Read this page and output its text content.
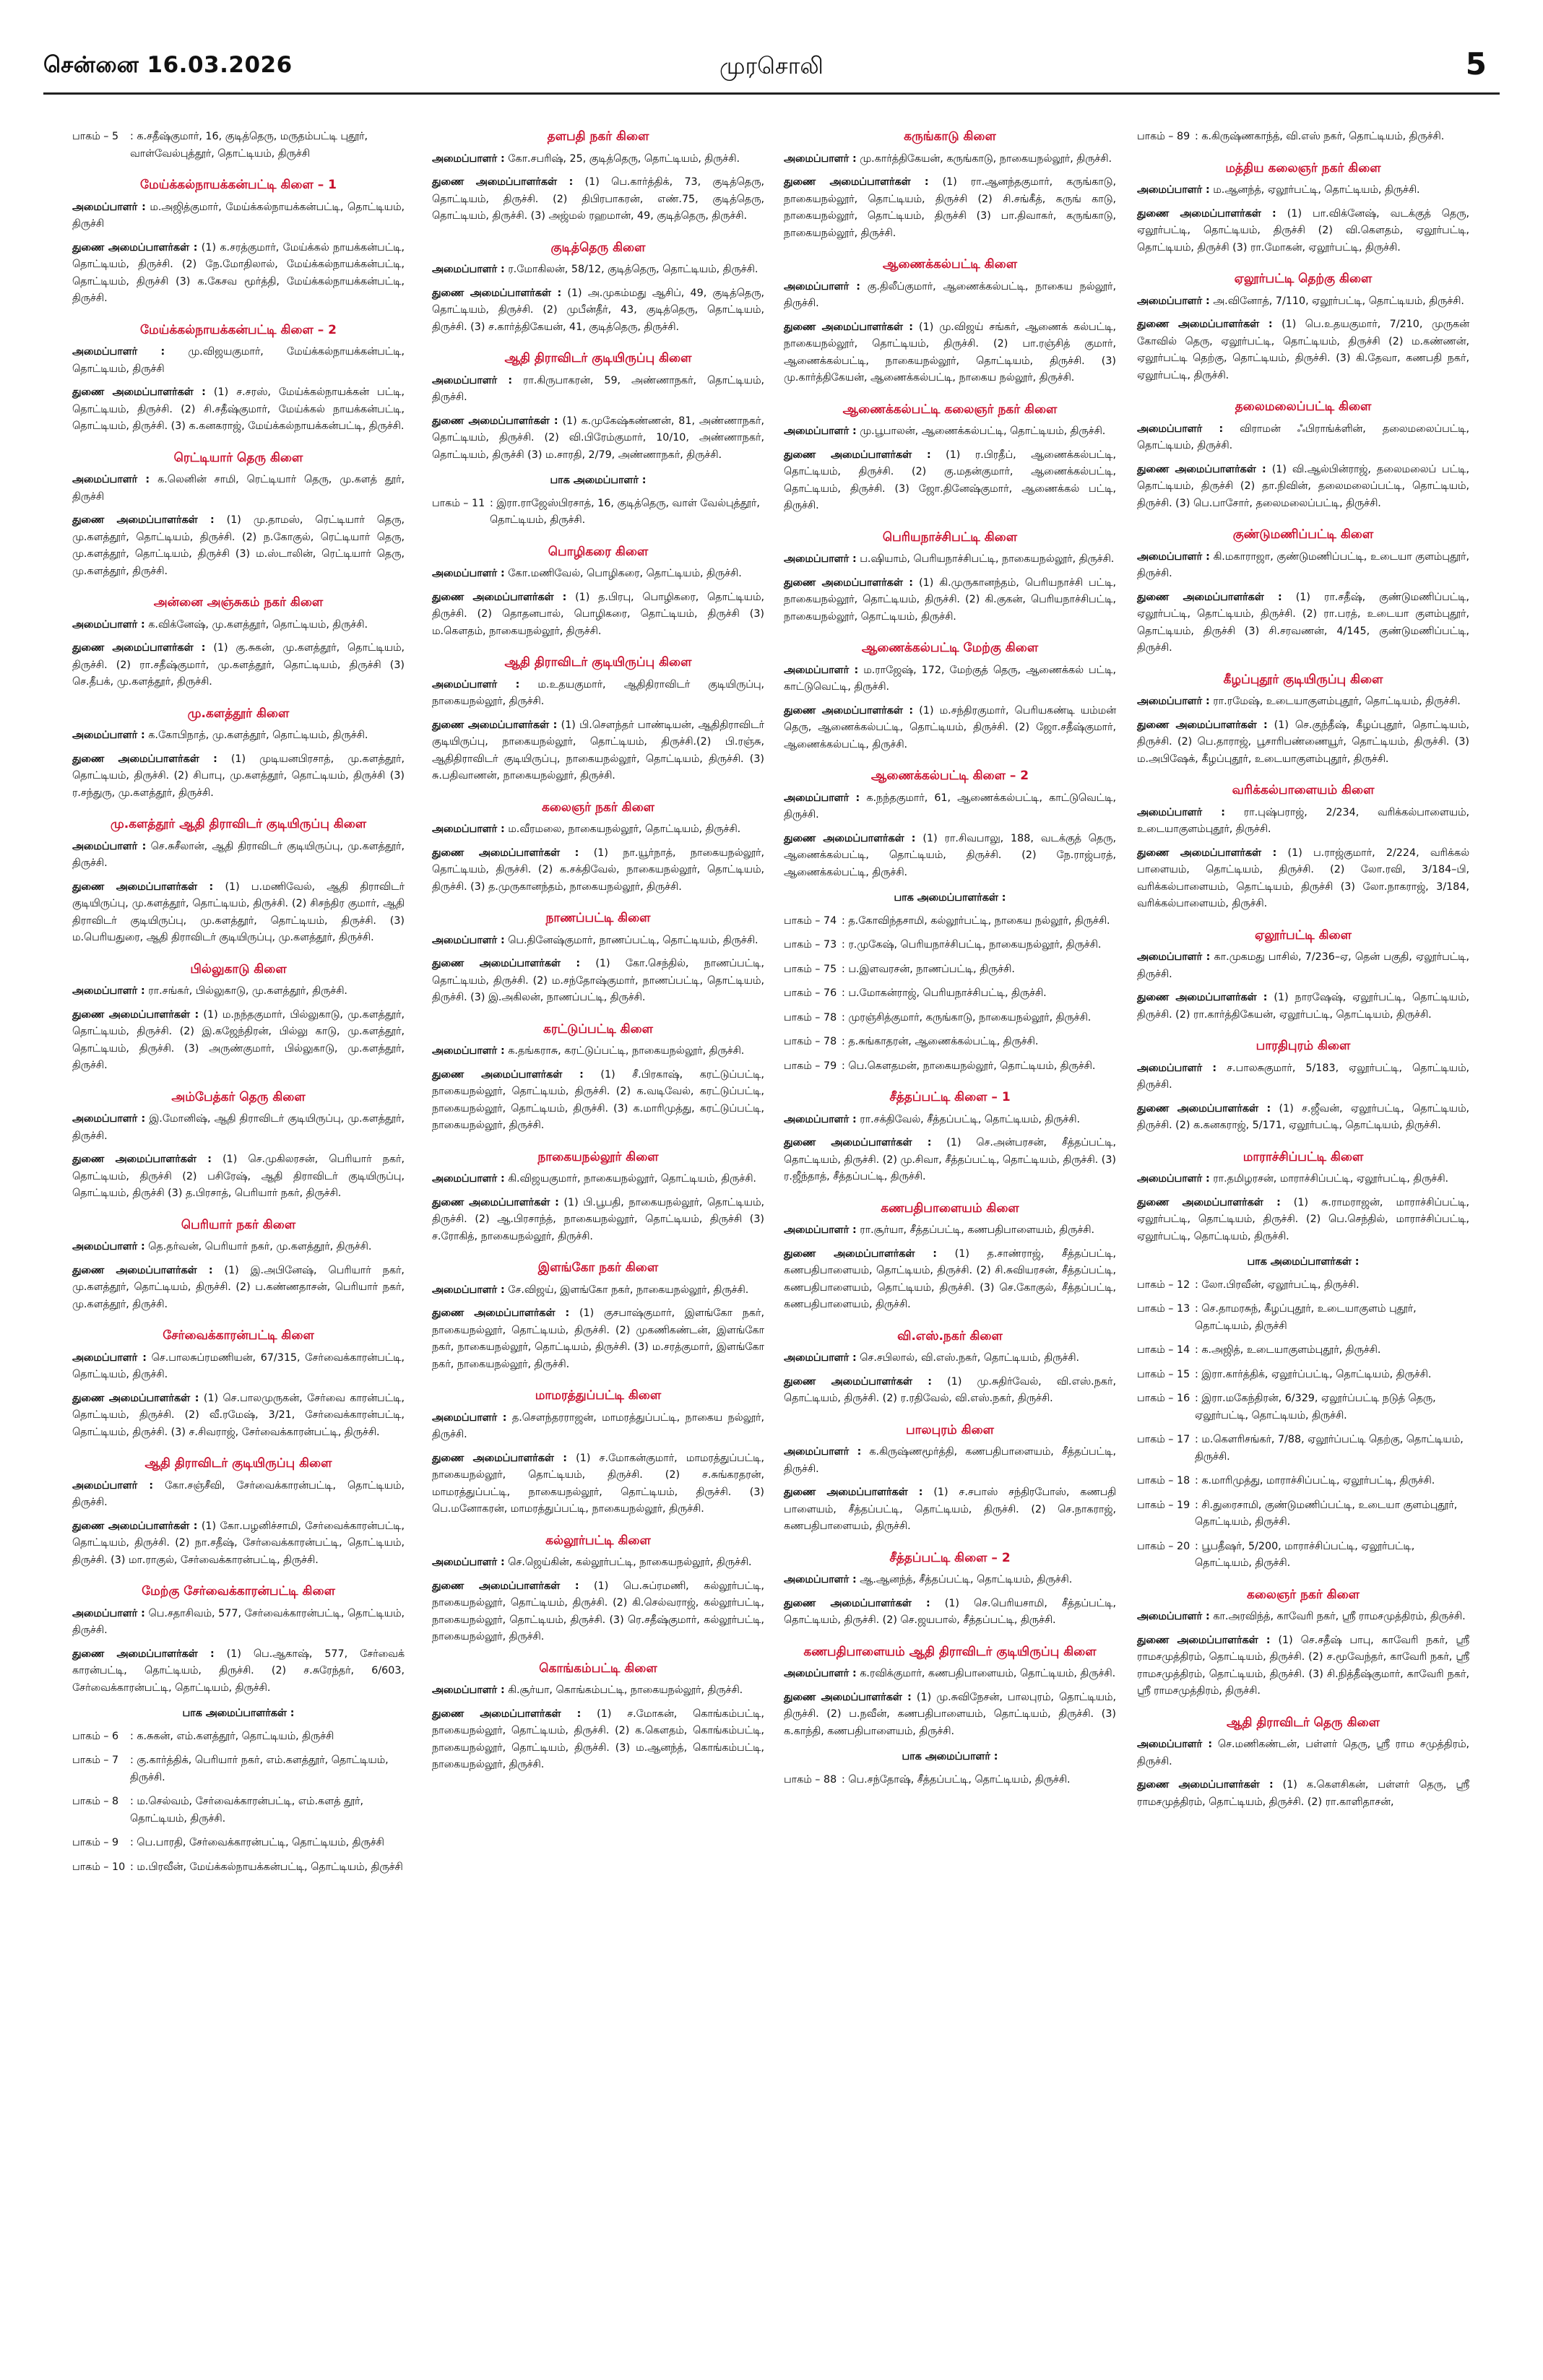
சென்னை 16.03.2026	முரசொலி	5
பாகம் – 5	: க.சதீஷ்குமார், 16, குடித்தெரு, மருதம்பட்டி புதூர், வாள்வேல்புத்தூர், தொட்டியம், திருச்சி
மேய்க்கல்நாயக்கன்பட்டி கிளை – 1

அமைப்பாளர் : ம.அஜித்குமார், மேய்க்கல்நாயக்கன்பட்டி, தொட்டியம், திருச்சி

துணை அமைப்பாளர்கள் : (1) க.சரத்குமார், மேய்க்கல் நாயக்கன்பட்டி, தொட்டியம், திருச்சி. (2) நே.மோதிலால், மேய்க்கல்நாயக்கன்பட்டி, தொட்டியம், திருச்சி (3) க.கேசவ மூர்த்தி, மேய்க்கல்நாயக்கன்பட்டி, திருச்சி.

மேய்க்கல்நாயக்கன்பட்டி கிளை – 2

அமைப்பாளர் : மு.விஜயகுமார், மேய்க்கல்நாயக்கன்பட்டி, தொட்டியம், திருச்சி

துணை அமைப்பாளர்கள் : (1) ச.சரஸ், மேய்க்கல்நாயக்கன் பட்டி, தொட்டியம், திருச்சி. (2) சி.சதீஷ்குமார், மேய்க்கல் நாயக்கன்பட்டி, தொட்டியம், திருச்சி. (3) க.கனகராஜ், மேய்க்கல்நாயக்கன்பட்டி, திருச்சி.

ரெட்டியார் தெரு கிளை

அமைப்பாளர் : க.லெனின் சாமி, ரெட்டியார் தெரு, மு.களத் தூர், திருச்சி

துணை அமைப்பாளர்கள் : (1) மு.தாமஸ், ரெட்டியார் தெரு, மு.களத்தூர், தொட்டியம், திருச்சி. (2) ந.கோகுல், ரெட்டியார் தெரு, மு.களத்தூர், தொட்டியம், திருச்சி (3) ம.ஸ்டாலின், ரெட்டியார் தெரு, மு.களத்தூர், திருச்சி.

அன்னை அஞ்சுகம் நகர் கிளை

அமைப்பாளர் : க.விக்னேஷ், மு.களத்தூர், தொட்டியம், திருச்சி.

துணை அமைப்பாளர்கள் : (1) கு.சுகன், மு.களத்தூர், தொட்டியம், திருச்சி. (2) ரா.சதீஷ்குமார், மு.களத்தூர், தொட்டியம், திருச்சி (3) செ.தீபக், மு.களத்தூர், திருச்சி.

மு.களத்தூர் கிளை

அமைப்பாளர் : க.கோபிநாத், மு.களத்தூர், தொட்டியம், திருச்சி.

துணை அமைப்பாளர்கள் : (1) முடியனபிரசாத், மு.களத்தூர், தொட்டியம், திருச்சி. (2) சிபாபு, மு.களத்தூர், தொட்டியம், திருச்சி (3) ர.சந்துரு, மு.களத்தூர், திருச்சி.

மு.களத்தூர் ஆதி திராவிடர் குடியிருப்பு கிளை

அமைப்பாளர் : செ.சுசீலான், ஆதி திராவிடர் குடியிருப்பு, மு.களத்தூர், திருச்சி.

துணை அமைப்பாளர்கள் : (1) ப.மணிவேல், ஆதி திராவிடர் குடியிருப்பு, மு.களத்தூர், தொட்டியம், திருச்சி. (2) சிசந்திர குமார், ஆதி திராவிடர் குடியிருப்பு, மு.களத்தூர், தொட்டியம், திருச்சி. (3) ம.பெரியதுரை, ஆதி திராவிடர் குடியிருப்பு, மு.களத்தூர், திருச்சி.

பில்லுகாடு கிளை

அமைப்பாளர் : ரா.சங்கர், பில்லுகாடு, மு.களத்தூர், திருச்சி.

துணை அமைப்பாளர்கள் : (1) ம.நந்தகுமார், பில்லுகாடு, மு.களத்தூர், தொட்டியம், திருச்சி. (2) இ.கஜேந்திரன், பில்லு காடு, மு.களத்தூர், தொட்டியம், திருச்சி. (3) அருண்குமார், பில்லுகாடு, மு.களத்தூர், திருச்சி.

அம்பேத்கர் தெரு கிளை

அமைப்பாளர் : இ.மோனிஷ், ஆதி திராவிடர் குடியிருப்பு, மு.களத்தூர், திருச்சி.

துணை அமைப்பாளர்கள் : (1) செ.முகிலரசன், பெரியார் நகர், தொட்டியம், திருச்சி (2) பசிரேஷ், ஆதி திராவிடர் குடியிருப்பு, தொட்டியம், திருச்சி (3) த.பிரசாத், பெரியார் நகர், திருச்சி.

பெரியார் நகர் கிளை

அமைப்பாளர் : தெ.தர்வன், பெரியார் நகர், மு.களத்தூர், திருச்சி.

துணை அமைப்பாளர்கள் : (1) இ.அபினேஷ், பெரியார் நகர், மு.களத்தூர், தொட்டியம், திருச்சி. (2) ப.கண்ணதாசன், பெரியார் நகர், மு.களத்தூர், திருச்சி.

சேர்வைக்காரன்பட்டி கிளை

அமைப்பாளர் : செ.பாலசுப்ரமணியன், 67/315, சேர்வைக்காரன்பட்டி, தொட்டியம், திருச்சி.

துணை அமைப்பாளர்கள் : (1) செ.பாலமுருகன், சேர்வை காரன்பட்டி, தொட்டியம், திருச்சி. (2) வீ.ரமேஷ், 3/21, சேர்வைக்காரன்பட்டி, தொட்டியம், திருச்சி. (3) ச.சிவராஜ், சேர்வைக்காரன்பட்டி, திருச்சி.

ஆதி திராவிடர் குடியிருப்பு கிளை

அமைப்பாளர் : கோ.சஞ்சீவி, சேர்வைக்காரன்பட்டி, தொட்டியம், திருச்சி.

துணை அமைப்பாளர்கள் : (1) கோ.பழனிச்சாமி, சேர்வைக்காரன்பட்டி, தொட்டியம், திருச்சி. (2) நா.சதீஷ், சேர்வைக்காரன்பட்டி, தொட்டியம், திருச்சி. (3) மா.ராகுல், சேர்வைக்காரன்பட்டி, திருச்சி.

மேற்கு சேர்வைக்காரன்பட்டி கிளை

அமைப்பாளர் : பெ.சதாசிவம், 577, சேர்வைக்காரன்பட்டி, தொட்டியம், திருச்சி.

துணை அமைப்பாளர்கள் : (1) பெ.ஆகாஷ், 577, சேர்வைக் காரன்பட்டி, தொட்டியம், திருச்சி. (2) ச.சுரேந்தர், 6/603, சேர்வைக்காரன்பட்டி, தொட்டியம், திருச்சி.

பாக அமைப்பாளர்கள் :
பாகம் – 6	: க.சுகன், எம்.களத்தூர், தொட்டியம், திருச்சி
பாகம் – 7	: கு.கார்த்திக், பெரியார் நகர், எம்.களத்தூர், தொட்டியம், திருச்சி.
பாகம் – 8	: ம.செல்வம், சேர்வைக்காரன்பட்டி, எம்.களத் தூர், தொட்டியம், திருச்சி.
பாகம் – 9	: பெ.பாரதி, சேர்வைக்காரன்பட்டி, தொட்டியம், திருச்சி
பாகம் – 10 : ம.பிரவீன், மேய்க்கல்நாயக்கன்பட்டி, தொட்டியம், திருச்சி
தளபதி நகர் கிளை

அமைப்பாளர் : கோ.சபரிஷ், 25, குடித்தெரு, தொட்டியம், திருச்சி.

துணை அமைப்பாளர்கள் : (1) பெ.கார்த்திக், 73, குடித்தெரு, தொட்டியம், திருச்சி. (2) திபிரபாகரன், எண்.75, குடித்தெரு, தொட்டியம், திருச்சி. (3) அஜ்மல் ரஹமான், 49, குடித்தெரு, திருச்சி.

குடித்தெரு கிளை

அமைப்பாளர் : ர.மோகிலன், 58/12, குடித்தெரு, தொட்டியம், திருச்சி.

துணை அமைப்பாளர்கள் : (1) அ.முகம்மது ஆசிப், 49, குடித்தெரு, தொட்டியம், திருச்சி. (2) முபீன்தீர், 43, குடித்தெரு, தொட்டியம், திருச்சி. (3) ச.கார்த்திகேயன், 41, குடித்தெரு, திருச்சி.

ஆதி திராவிடர் குடியிருப்பு கிளை

அமைப்பாளர் : ரா.கிருபாகரன், 59, அண்ணாநகர், தொட்டியம், திருச்சி.

துணை அமைப்பாளர்கள் : (1) க.முகேஷ்கண்ணன், 81, அண்ணாநகர், தொட்டியம், திருச்சி. (2) வி.பிரேம்குமார், 10/10, அண்ணாநகர், தொட்டியம், திருச்சி (3) ம.சாரதி, 2/79, அண்ணாநகர், திருச்சி.

பாக அமைப்பாளர் :
பாகம் – 11 : இரா.ராஜேஸ்பிரசாத், 16, குடித்தெரு, வாள் வேல்புத்தூர், தொட்டியம், திருச்சி.
பொழிகரை கிளை

அமைப்பாளர் : கோ.மணிவேல், பொழிகரை, தொட்டியம், திருச்சி.

துணை அமைப்பாளர்கள் : (1) த.பிரபு, பொழிகரை, தொட்டியம், திருச்சி. (2) தொதனபால், பொழிகரை, தொட்டியம், திருச்சி (3) ம.கௌதம், நாகையநல்லூர், திருச்சி.

ஆதி திராவிடர் குடியிருப்பு கிளை

அமைப்பாளர் : ம.உதயகுமார், ஆதிதிராவிடர் குடியிருப்பு, நாகையநல்லூர், திருச்சி.

துணை அமைப்பாளர்கள் : (1) பி.செளந்தர் பாண்டியன், ஆதிதிராவிடர் குடியிருப்பு, நாகையநல்லூர், தொட்டியம், திருச்சி.(2) பி.ரஞ்சு, ஆதிதிராவிடர் குடியிருப்பு, நாகையநல்லூர், தொட்டியம், திருச்சி. (3) சு.பதிவாணன், நாகையநல்லூர், திருச்சி.

கலைஞர் நகர் கிளை

அமைப்பாளர் : ம.வீரமலை, நாகையநல்லூர், தொட்டியம், திருச்சி.

துணை அமைப்பாளர்கள் : (1) நா.யூர்நாத், நாகையநல்லூர், தொட்டியம், திருச்சி. (2) க.சக்திவேல், நாகையநல்லூர், தொட்டியம், திருச்சி. (3) த.முருகானந்தம், நாகையநல்லூர், திருச்சி.

நாணப்பட்டி கிளை

அமைப்பாளர் : பெ.தினேஷ்குமார், நாணப்பட்டி, தொட்டியம், திருச்சி.

துணை அமைப்பாளர்கள் : (1) கோ.செந்தில், நாணப்பட்டி, தொட்டியம், திருச்சி. (2) ம.சந்தோஷ்குமார், நாணப்பட்டி, தொட்டியம், திருச்சி. (3) இ.அகிலன், நாணப்பட்டி, திருச்சி.

கரட்டுப்பட்டி கிளை

அமைப்பாளர் : க.தங்கராசு, கரட்டுப்பட்டி, நாகையநல்லூர், திருச்சி.

துணை அமைப்பாளர்கள் : (1) சீ.பிரகாஷ், கரட்டுப்பட்டி, நாகையநல்லூர், தொட்டியம், திருச்சி. (2) க.வடிவேல், கரட்டுப்பட்டி, நாகையநல்லூர், தொட்டியம், திருச்சி. (3) க.மாரிமுத்து, கரட்டுப்பட்டி, நாகையநல்லூர், திருச்சி.

நாகையநல்லூர் கிளை

அமைப்பாளர் : கி.விஜயகுமார், நாகையநல்லூர், தொட்டியம், திருச்சி.

துணை அமைப்பாளர்கள் : (1) பி.பூபதி, நாகையநல்லூர், தொட்டியம், திருச்சி. (2) ஆ.பிரசாந்த், நாகையநல்லூர், தொட்டியம், திருச்சி (3) ச.ரோகித், நாகையநல்லூர், திருச்சி.

இளங்கோ நகர் கிளை

அமைப்பாளர் : சே.விஜய், இளங்கோ நகர், நாகையநல்லூர், திருச்சி.

துணை அமைப்பாளர்கள் : (1) குசபாஷ்குமார், இளங்கோ நகர், நாகையநல்லூர், தொட்டியம், திருச்சி. (2) முகணிகண்டன், இளங்கோ நகர், நாகையநல்லூர், தொட்டியம், திருச்சி. (3) ம.சரத்குமார், இளங்கோ நகர், நாகையநல்லூர், திருச்சி.

மாமரத்துப்பட்டி கிளை

அமைப்பாளர் : த.செளந்தரராஜன், மாமரத்துப்பட்டி, நாகைய நல்லூர், திருச்சி.

துணை அமைப்பாளர்கள் : (1) ச.மோகன்குமார், மாமரத்துப்பட்டி, நாகையநல்லூர், தொட்டியம், திருச்சி. (2) ச.சுங்கரதரன், மாமரத்துப்பட்டி, நாகையநல்லூர், தொட்டியம், திருச்சி. (3) பெ.மனோகரன், மாமரத்துப்பட்டி, நாகையநல்லூர், திருச்சி.

கல்லூர்பட்டி கிளை

அமைப்பாளர் : செ.ஜெய்கின், கல்லூர்பட்டி, நாகையநல்லூர், திருச்சி.

துணை அமைப்பாளர்கள் : (1) பெ.சுப்ரமணி, கல்லூர்பட்டி, நாகையநல்லூர், தொட்டியம், திருச்சி. (2) கி.செல்வராஜ், கல்லூர்பட்டி, நாகையநல்லூர், தொட்டியம், திருச்சி. (3) ரெ.சதீஷ்குமார், கல்லூர்பட்டி, நாகையநல்லூர், திருச்சி.

கொங்கம்பட்டி கிளை

அமைப்பாளர் : கி.சூர்யா, கொங்கம்பட்டி, நாகையநல்லூர், திருச்சி.

துணை அமைப்பாளர்கள் : (1) ச.மோகன், கொங்கம்பட்டி, நாகையநல்லூர், தொட்டியம், திருச்சி. (2) க.கௌதம், கொங்கம்பட்டி, நாகையநல்லூர், தொட்டியம், திருச்சி. (3) ம.ஆனந்த், கொங்கம்பட்டி, நாகையநல்லூர், திருச்சி.

கருங்காடு கிளை

அமைப்பாளர் : மு.கார்த்திகேயன், கருங்காடு, நாகையநல்லூர், திருச்சி.

துணை அமைப்பாளர்கள் : (1) ரா.ஆனந்தகுமார், கருங்காடு, நாகையநல்லூர், தொட்டியம், திருச்சி (2) சி.சங்கீத், கருங் காடு, நாகையநல்லூர், தொட்டியம், திருச்சி (3) பா.திவாகர், கருங்காடு, நாகையநல்லூர், திருச்சி.

ஆணைக்கல்பட்டி கிளை

அமைப்பாளர் : கு.திலீப்குமார், ஆணைக்கல்பட்டி, நாகைய நல்லூர், திருச்சி.

துணை அமைப்பாளர்கள் : (1) மு.விஜய் சங்கர், ஆணைக் கல்பட்டி, நாகையநல்லூர், தொட்டியம், திருச்சி. (2) பா.ரஞ்சித் குமார், ஆணைக்கல்பட்டி, நாகையநல்லூர், தொட்டியம், திருச்சி. (3) மு.கார்த்திகேயன், ஆணைக்கல்பட்டி, நாகைய நல்லூர், திருச்சி.

ஆணைக்கல்பட்டி கலைஞர் நகர் கிளை

அமைப்பாளர் : மு.பூபாலன், ஆணைக்கல்பட்டி, தொட்டியம், திருச்சி.

துணை அமைப்பாளர்கள் : (1) ர.பிரதீப், ஆணைக்கல்பட்டி, தொட்டியம், திருச்சி. (2) கு.மதன்குமார், ஆணைக்கல்பட்டி, தொட்டியம், திருச்சி. (3) ஜோ.தினேஷ்குமார், ஆணைக்கல் பட்டி, திருச்சி.

பெரியநாச்சிபட்டி கிளை

அமைப்பாளர் : ப.ஷியாம், பெரியநாச்சிபட்டி, நாகையநல்லூர், திருச்சி.

துணை அமைப்பாளர்கள் : (1) கி.முருகானந்தம், பெரியநாச்சி பட்டி, நாகையநல்லூர், தொட்டியம், திருச்சி. (2) கி.குகன், பெரியநாச்சிபட்டி, நாகையநல்லூர், தொட்டியம், திருச்சி.

ஆணைக்கல்பட்டி மேற்கு கிளை

அமைப்பாளர் : ம.ராஜேஷ், 172, மேற்குத் தெரு, ஆணைக்கல் பட்டி, காட்டுவெட்டி, திருச்சி.

துணை அமைப்பாளர்கள் : (1) ம.சந்திரகுமார், பெரியகண்டி யம்மன் தெரு, ஆணைக்கல்பட்டி, தொட்டியம், திருச்சி. (2) ஜோ.சதீஷ்குமார், ஆணைக்கல்பட்டி, திருச்சி.

ஆணைக்கல்பட்டி கிளை – 2

அமைப்பாளர் : க.நந்தகுமார், 61, ஆணைக்கல்பட்டி, காட்டுவெட்டி, திருச்சி.

துணை அமைப்பாளர்கள் : (1) ரா.சிவபாலு, 188, வடக்குத் தெரு, ஆணைக்கல்பட்டி, தொட்டியம், திருச்சி. (2) நே.ராஜ்பரத், ஆணைக்கல்பட்டி, திருச்சி.

பாக அமைப்பாளர்கள் :
பாகம் – 74 : த.கோவிந்தசாமி, கல்லூர்பட்டி, நாகைய நல்லூர், திருச்சி.
பாகம் – 73 : ர.முகேஷ், பெரியநாச்சிபட்டி, நாகையநல்லூர், திருச்சி.
பாகம் – 75 : ப.இளவரசன், நாணப்பட்டி, திருச்சி.
பாகம் – 76 : ப.மோகன்ராஜ், பெரியநாச்சிபட்டி, திருச்சி.
பாகம் – 78 : முரஞ்சித்குமார், கருங்காடு, நாகையநல்லூர், திருச்சி.
பாகம் – 78 : த.சுங்காதரன், ஆணைக்கல்பட்டி, திருச்சி.
பாகம் – 79 : பெ.கௌதமன், நாகையநல்லூர், தொட்டியம், திருச்சி.
சீத்தப்பட்டி கிளை – 1

அமைப்பாளர் : ரா.சக்திவேல், சீத்தப்பட்டி, தொட்டியம், திருச்சி.

துணை அமைப்பாளர்கள் : (1) செ.அன்பரசன், சீத்தப்பட்டி, தொட்டியம், திருச்சி. (2) மு.சிவா, சீத்தப்பட்டி, தொட்டியம், திருச்சி. (3) ர.ஜீந்தாத், சீத்தப்பட்டி, திருச்சி.

கணபதிபாளையம் கிளை

அமைப்பாளர் : ரா.சூர்யா, சீத்தப்பட்டி, கணபதிபாளையம், திருச்சி.

துணை அமைப்பாளர்கள் : (1) த.சாண்ராஜ், சீத்தப்பட்டி, கணபதிபாளையம், தொட்டியம், திருச்சி. (2) சி.சுவியரசன், சீத்தப்பட்டி, கணபதிபாளையம், தொட்டியம், திருச்சி. (3) செ.கோகுல், சீத்தப்பட்டி, கணபதிபாளையம், திருச்சி.

வி.எஸ்.நகர் கிளை

அமைப்பாளர் : செ.சபிலால், வி.எஸ்.நகர், தொட்டியம், திருச்சி.

துணை அமைப்பாளர்கள் : (1) மு.சுதிர்வேல், வி.எஸ்.நகர், தொட்டியம், திருச்சி. (2) ர.ரதிவேல், வி.எஸ்.நகர், திருச்சி.

பாலபுரம் கிளை

அமைப்பாளர் : க.கிருஷ்ணமூர்த்தி, கணபதிபாளையம், சீத்தப்பட்டி, திருச்சி.

துணை அமைப்பாளர்கள் : (1) ச.சபாஸ் சந்திரபோஸ், கணபதி பாளையம், சீத்தப்பட்டி, தொட்டியம், திருச்சி. (2) செ.நாகராஜ், கணபதிபாளையம், திருச்சி.

சீத்தப்பட்டி கிளை – 2

அமைப்பாளர் : ஆ.ஆனந்த், சீத்தப்பட்டி, தொட்டியம், திருச்சி.

துணை அமைப்பாளர்கள் : (1) செ.பெரியசாமி, சீத்தப்பட்டி, தொட்டியம், திருச்சி. (2) செ.ஜயபால், சீத்தப்பட்டி, திருச்சி.

கணபதிபாளையம் ஆதி திராவிடர் குடியிருப்பு கிளை

அமைப்பாளர் : க.ரவிக்குமார், கணபதிபாளையம், தொட்டியம், திருச்சி.

துணை அமைப்பாளர்கள் : (1) மு.சுவிநேசன், பாலபுரம், தொட்டியம், திருச்சி. (2) ப.நவீன், கணபதிபாளையம், தொட்டியம், திருச்சி. (3) க.காந்தி, கணபதிபாளையம், திருச்சி.

பாக அமைப்பாளர் :
பாகம் – 88 : பெ.சந்தோஷ், சீத்தப்பட்டி, தொட்டியம், திருச்சி.
பாகம் – 89 : க.கிருஷ்ணகாந்த், வி.எஸ் நகர், தொட்டியம், திருச்சி.
மத்திய கலைஞர் நகர் கிளை

அமைப்பாளர் : ம.ஆனந்த், ஏலூர்பட்டி, தொட்டியம், திருச்சி.

துணை அமைப்பாளர்கள் : (1) பா.விக்னேஷ், வடக்குத் தெரு, ஏலூர்பட்டி, தொட்டியம், திருச்சி (2) வி.கௌதம், ஏலூர்பட்டி, தொட்டியம், திருச்சி (3) ரா.மோகன், ஏலூர்பட்டி, திருச்சி.

ஏலூர்பட்டி தெற்கு கிளை

அமைப்பாளர் : அ.வினோத், 7/110, ஏலூர்பட்டி, தொட்டியம், திருச்சி.

துணை அமைப்பாளர்கள் : (1) பெ.உதயகுமார், 7/210, முருகன் கோவில் தெரு, ஏலூர்பட்டி, தொட்டியம், திருச்சி (2) ம.கண்ணன், ஏலூர்பட்டி தெற்கு, தொட்டியம், திருச்சி. (3) கி.தேவா, கணபதி நகர், ஏலூர்பட்டி, திருச்சி.

தலைமலைப்பட்டி கிளை

அமைப்பாளர் : விராமன் ஃபிராங்க்ளின், தலைமலைப்பட்டி, தொட்டியம், திருச்சி.

துணை அமைப்பாளர்கள் : (1) வி.ஆல்பின்ராஜ், தலைமலைப் பட்டி, தொட்டியம், திருச்சி (2) தா.நிவின், தலைமலைப்பட்டி, தொட்டியம், திருச்சி. (3) பெ.பாசோர், தலைமலைப்பட்டி, திருச்சி.

குண்டுமணிப்பட்டி கிளை

அமைப்பாளர் : கி.மகாராஜா, குண்டுமணிப்பட்டி, உடையா குளம்புதூர், திருச்சி.

துணை அமைப்பாளர்கள் : (1) ரா.சதீஷ், குண்டுமணிப்பட்டி, ஏலூர்பட்டி, தொட்டியம், திருச்சி. (2) ரா.பரத், உடையா குளம்புதூர், தொட்டியம், திருச்சி (3) சி.சரவணன், 4/145, குண்டுமணிப்பட்டி, திருச்சி.

கீழப்புதூர் குடியிருப்பு கிளை

அமைப்பாளர் : ரா.ரமேஷ், உடையாகுளம்புதூர், தொட்டியம், திருச்சி.

துணை அமைப்பாளர்கள் : (1) செ.குந்தீஷ், கீழப்புதூர், தொட்டியம், திருச்சி. (2) பெ.தாராஜ், பூசாரிபண்ணையூர், தொட்டியம், திருச்சி. (3) ம.அபிஷேக், கீழப்புதூர், உடையாகுளம்புதூர், திருச்சி.

வரிக்கல்பாளையம் கிளை

அமைப்பாளர் : ரா.புஷ்பராஜ், 2/234, வரிக்கல்பாளையம், உடையாகுளம்புதூர், திருச்சி.

துணை அமைப்பாளர்கள் : (1) ப.ராஜ்குமார், 2/224, வரிக்கல் பாளையம், தொட்டியம், திருச்சி. (2) லோ.ரவி, 3/184–பி, வரிக்கல்பாளையம், தொட்டியம், திருச்சி (3) லோ.நாகராஜ், 3/184, வரிக்கல்பாளையம், திருச்சி.

ஏலூர்பட்டி கிளை

அமைப்பாளர் : கா.முகமது பாசில், 7/236–ஏ, தென் பகுதி, ஏலூர்பட்டி, திருச்சி.

துணை அமைப்பாளர்கள் : (1) நாரஷேஷ், ஏலூர்பட்டி, தொட்டியம், திருச்சி. (2) ரா.கார்த்திகேயன், ஏலூர்பட்டி, தொட்டியம், திருச்சி.

பாரதிபுரம் கிளை

அமைப்பாளர் : ச.பாலசுகுமார், 5/183, ஏலூர்பட்டி, தொட்டியம், திருச்சி.

துணை அமைப்பாளர்கள் : (1) ச.ஜீவன், ஏலூர்பட்டி, தொட்டியம், திருச்சி. (2) க.கனகராஜ், 5/171, ஏலூர்பட்டி, தொட்டியம், திருச்சி.

மாராச்சிப்பட்டி கிளை

அமைப்பாளர் : ரா.தமிழரசன், மாராச்சிப்பட்டி, ஏலூர்பட்டி, திருச்சி.

துணை அமைப்பாளர்கள் : (1) சு.ராமராஜன், மாராச்சிப்பட்டி, ஏலூர்பட்டி, தொட்டியம், திருச்சி. (2) பெ.செந்தில், மாராச்சிப்பட்டி, ஏலூர்பட்டி, தொட்டியம், திருச்சி.

பாக அமைப்பாளர்கள் :
பாகம் – 12 : லோ.பிரவீன், ஏலூர்பட்டி, திருச்சி.
பாகம் – 13 : செ.தாமரசுந், கீழப்புதூர், உடையாகுளம் புதூர், தொட்டியம், திருச்சி
பாகம் – 14 : க.அஜித், உடையாகுளம்புதூர், திருச்சி.
பாகம் – 15 : இரா.கார்த்திக், ஏலூர்ப்பட்டி, தொட்டியம், திருச்சி.
பாகம் – 16 : இரா.மகேந்திரன், 6/329, ஏலூர்ப்பட்டி நடுத் தெரு, ஏலூர்பட்டி, தொட்டியம், திருச்சி.
பாகம் – 17 : ம.கௌரிசங்கர், 7/88, ஏலூர்ப்பட்டி தெற்கு, தொட்டியம், திருச்சி.
பாகம் – 18 : க.மாரிமுத்து, மாராச்சிப்பட்டி, ஏலூர்பட்டி, திருச்சி.
பாகம் – 19 : சி.துரைசாமி, குண்டுமணிப்பட்டி, உடையா குளம்புதூர், தொட்டியம், திருச்சி.
பாகம் – 20 : பூபதீஷர், 5/200, மாராச்சிப்பட்டி, ஏலூர்பட்டி, தொட்டியம், திருச்சி.
கலைஞர் நகர் கிளை

அமைப்பாளர் : கா.அரவிந்த், காவேரி நகர், ஸ்ரீ ராமசமுத்திரம், திருச்சி.

துணை அமைப்பாளர்கள் : (1) செ.சதீஷ் பாபு, காவேரி நகர், ஸ்ரீ ராமசமுத்திரம், தொட்டியம், திருச்சி. (2) ச.மூவேந்தர், காவேரி நகர், ஸ்ரீ ராமசமுத்திரம், தொட்டியம், திருச்சி. (3) சி.நித்தீஷ்குமார், காவேரி நகர், ஸ்ரீ ராமசமுத்திரம், திருச்சி.

ஆதி திராவிடர் தெரு கிளை

அமைப்பாளர் : செ.மணிகண்டன், பள்ளர் தெரு, ஸ்ரீ ராம சமுத்திரம், திருச்சி.

துணை அமைப்பாளர்கள் : (1) க.கௌசிகன், பள்ளர் தெரு, ஸ்ரீ ராமசமுத்திரம், தொட்டியம், திருச்சி. (2) ரா.காளிதாசன்,
